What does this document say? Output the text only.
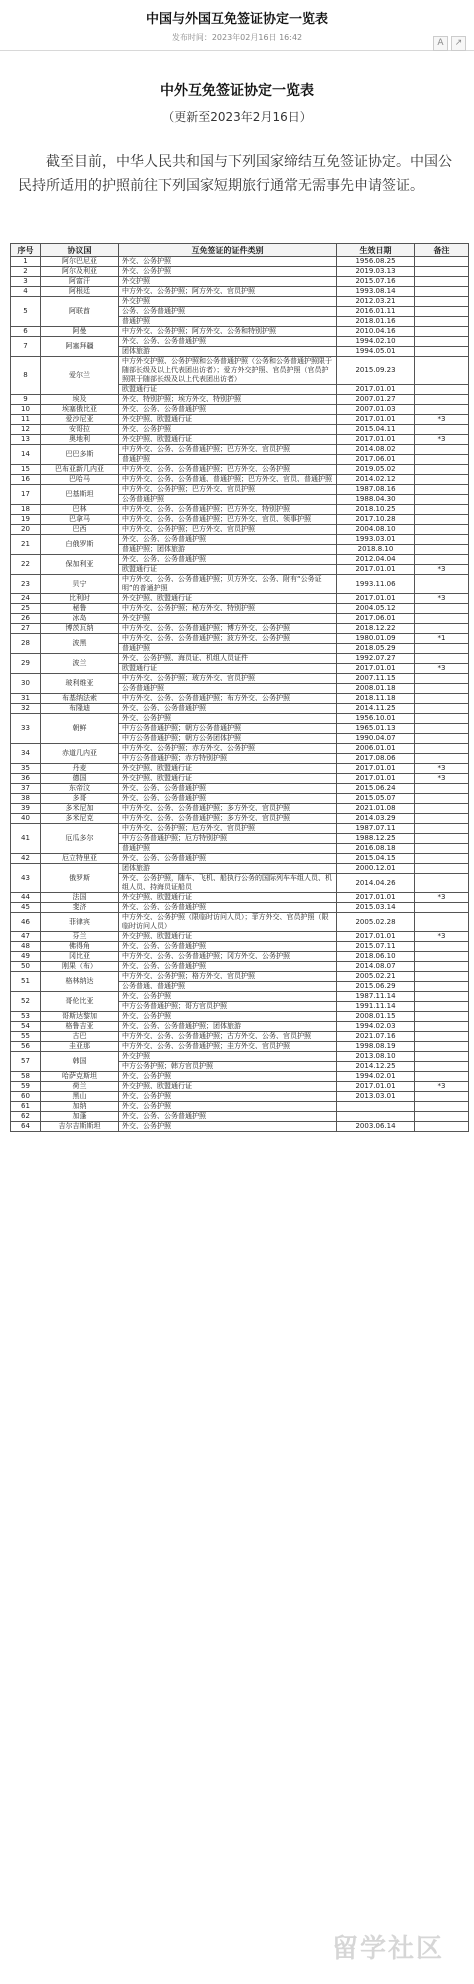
中国与外国互免签证协定一览表
发布时间：2023年02月16日 16:42
A ↗
中外互免签证协定一览表
（更新至2023年2月16日）
截至目前，中华人民共和国与下列国家缔结互免签证协定。中国公民持所适用的护照前往下列国家短期旅行通常无需事先申请签证。
序号	协议国	互免签证的证件类别	生效日期	备注
1	阿尔巴尼亚	外交、公务护照	1956.08.25	
2	阿尔及利亚	外交、公务护照	2019.03.13	
3	阿富汗	外交护照	2015.07.16	
4	阿根廷	中方外交、公务护照；阿方外交、官员护照	1993.08.14	
5	阿联酋	外交护照	2012.03.21	
		公务、公务普通护照	2016.01.11	
		普通护照	2018.01.16	
6	阿曼	中方外交、公务护照；阿方外交、公务和特别护照	2010.04.16	
7	阿塞拜疆	外交、公务、公务普通护照	1994.02.10	
		团体旅游	1994.05.01	
8	爱尔兰	中方外交护照、公务护照和公务普通护照（公务和公务普通护照限于随部长级及以上代表团出访者）；爱方外交护照、官员护照（官员护照限于随部长级及以上代表团出访者）	2015.09.23	
		欧盟通行证	2017.01.01	
9	埃及	外交、特别护照；埃方外交、特别护照	2007.01.27	
10	埃塞俄比亚	外交、公务、公务普通护照	2007.01.03	
11	爱沙尼亚	外交护照、欧盟通行证	2017.01.01	*3
12	安哥拉	外交、公务护照	2015.04.11	
13	奥地利	外交护照、欧盟通行证	2017.01.01	*3
14	巴巴多斯	中方外交、公务、公务普通护照；巴方外交、官员护照	2014.08.02	
		普通护照	2017.06.01	
15	巴布亚新几内亚	中方外交、公务、公务普通护照；巴方外交、公务护照	2019.05.02	
16	巴哈马	中方外交、公务、公务普通、普通护照；巴方外交、官员、普通护照	2014.02.12	
17	巴基斯坦	中方外交、公务护照；巴方外交、官员护照	1987.08.16	
		公务普通护照	1988.04.30	
18	巴林	中方外交、公务、公务普通护照；巴方外交、特别护照	2018.10.25	
19	巴拿马	中方外交、公务、公务普通护照；巴方外交、官员、领事护照	2017.10.28	
20	巴西	中方外交、公务护照；巴方外交、官员护照	2004.08.10	
21	白俄罗斯	外交、公务、公务普通护照	1993.03.01	
		普通护照；团体旅游	2018.8.10	
22	保加利亚	外交、公务、公务普通护照	2012.04.04	
		欧盟通行证	2017.01.01	*3
23	贝宁	中方外交、公务、公务普通护照；贝方外交、公务、附有“公务证明”的普通护照	1993.11.06	
24	比利时	外交护照、欧盟通行证	2017.01.01	*3
25	秘鲁	中方外交、公务护照；秘方外交、特别护照	2004.05.12	
26	冰岛	外交护照	2017.06.01	
27	博茨瓦纳	中方外交、公务、公务普通护照；博方外交、公务护照	2018.12.22	
28	波黑	中方外交、公务、公务普通护照；波方外交、公务护照	1980.01.09	*1
		普通护照	2018.05.29	
29	波兰	外交、公务护照、海员证、机组人员证件	1992.07.27	
		欧盟通行证	2017.01.01	*3
30	玻利维亚	中方外交、公务护照；玻方外交、官员护照	2007.11.15	
		公务普通护照	2008.01.18	
31	布基纳法索	中方外交、公务、公务普通护照；布方外交、公务护照	2018.11.18	
32	布隆迪	外交、公务、公务普通护照	2014.11.25	
33	朝鲜	外交、公务护照	1956.10.01	
		中方公务普通护照；朝方公务普通护照	1965.01.13	
		中方公务普通护照；朝方公务团体护照	1990.04.07	
34	赤道几内亚	中方外交、公务护照；赤方外交、公务护照	2006.01.01	
		中方公务普通护照；赤方特别护照	2017.08.06	
35	丹麦	外交护照、欧盟通行证	2017.01.01	*3
36	德国	外交护照、欧盟通行证	2017.01.01	*3
37	东帝汶	外交、公务、公务普通护照	2015.06.24	
38	多哥	外交、公务、公务普通护照	2015.05.07	
39	多米尼加	中方外交、公务、公务普通护照；多方外交、官员护照	2021.01.08	
40	多米尼克	中方外交、公务、公务普通护照；多方外交、官员护照	2014.03.29	
41	厄瓜多尔	中方外交、公务护照；厄方外交、官员护照	1987.07.11	
		中方公务普通护照；厄方特别护照	1988.12.25	
		普通护照	2016.08.18	
42	厄立特里亚	外交、公务、公务普通护照	2015.04.15	
43	俄罗斯	团体旅游	2000.12.01	
		外交、公务护照，随车、飞机、船执行公务的国际列车车组人员、机组人员、持海员证船员	2014.04.26	
44	法国	外交护照、欧盟通行证	2017.01.01	*3
45	斐济	外交、公务、公务普通护照	2015.03.14	
46	菲律宾	中方外交、公务护照（限临时访问人员）；菲方外交、官员护照（限临时访问人员）	2005.02.28	
47	芬兰	外交护照、欧盟通行证	2017.01.01	*3
48	佛得角	外交、公务、公务普通护照	2015.07.11	
49	冈比亚	中方外交、公务、公务普通护照；冈方外交、公务护照	2018.06.10	
50	刚果（布）	外交、公务、公务普通护照	2014.08.07	
51	格林纳达	中方外交、公务护照；格方外交、官员护照	2005.02.21	
		公务普通、普通护照	2015.06.29	
52	哥伦比亚	外交、公务护照	1987.11.14	
		中方公务普通护照；哥方官员护照	1991.11.14	
53	哥斯达黎加	外交、公务护照	2008.01.15	
54	格鲁吉亚	外交、公务、公务普通护照；团体旅游	1994.02.03	
55	古巴	中方外交、公务、公务普通护照；古方外交、公务、官员护照	2021.07.16	
56	圭亚那	中方外交、公务、公务普通护照；圭方外交、官员护照	1998.08.19	
57	韩国	外交护照	2013.08.10	
		中方公务护照；韩方官员护照	2014.12.25	
58	哈萨克斯坦	外交、公务护照	1994.02.01	
59	荷兰	外交护照、欧盟通行证	2017.01.01	*3
60	黑山	外交、公务护照	2013.03.01	
61	加纳	外交、公务护照		
62	加蓬	外交、公务、公务普通护照		
64	吉尔吉斯斯坦	外交、公务护照	2003.06.14	
留学社区
